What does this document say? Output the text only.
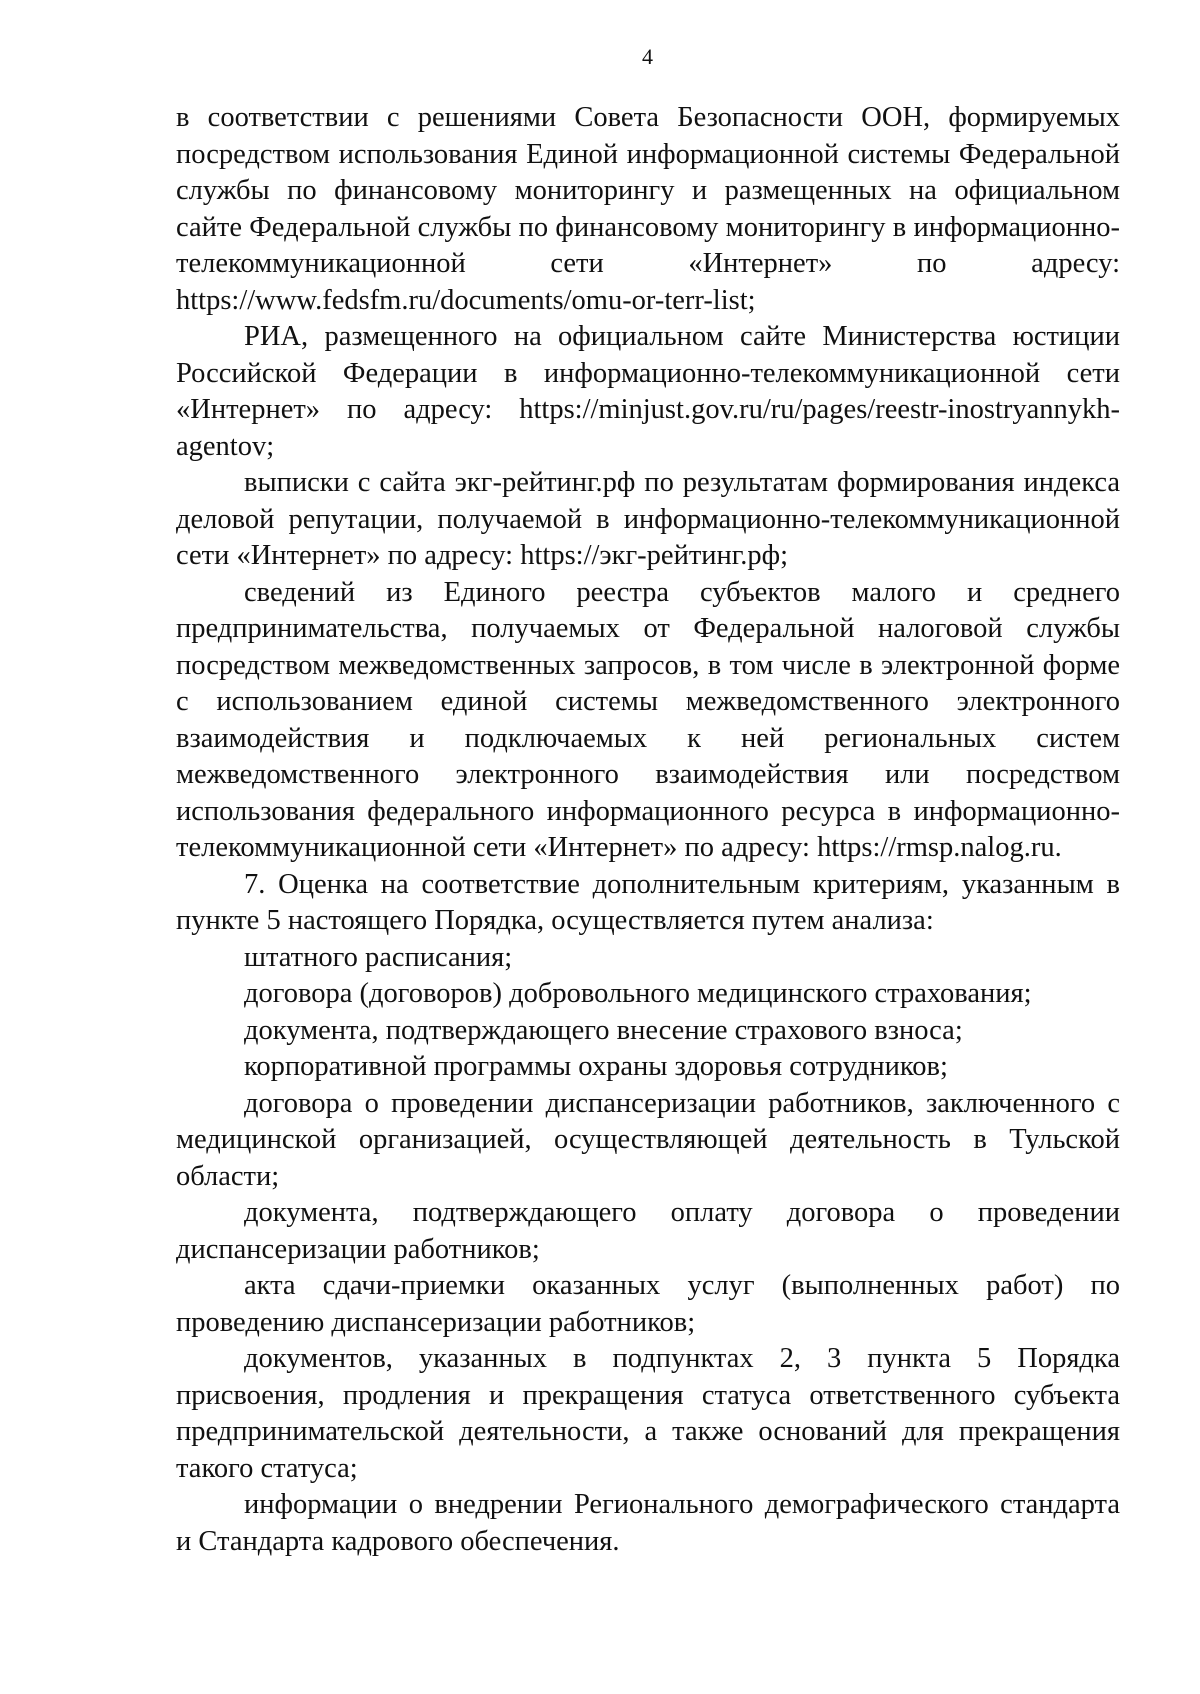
4

в соответствии с решениями Совета Безопасности ООН, формируемых посредством использования Единой информационной системы Федеральной службы по финансовому мониторингу и размещенных на официальном сайте Федеральной службы по финансовому мониторингу в информационно-телекоммуникационной сети «Интернет» по адресу: https://www.fedsfm.ru/documents/omu-or-terr-list;

РИА, размещенного на официальном сайте Министерства юстиции Российской Федерации в информационно-телекоммуникационной сети «Интернет» по адресу: https://minjust.gov.ru/ru/pages/reestr-inostryannykh-agentov;

выписки с сайта экг-рейтинг.рф по результатам формирования индекса деловой репутации, получаемой в информационно-телекоммуникационной сети «Интернет» по адресу: https://экг-рейтинг.рф;

сведений из Единого реестра субъектов малого и среднего предпринимательства, получаемых от Федеральной налоговой службы посредством межведомственных запросов, в том числе в электронной форме с использованием единой системы межведомственного электронного взаимодействия и подключаемых к ней региональных систем межведомственного электронного взаимодействия или посредством использования федерального информационного ресурса в информационно-телекоммуникационной сети «Интернет» по адресу: https://rmsp.nalog.ru.

7. Оценка на соответствие дополнительным критериям, указанным в пункте 5 настоящего Порядка, осуществляется путем анализа:

штатного расписания;

договора (договоров) добровольного медицинского страхования;

документа, подтверждающего внесение страхового взноса;

корпоративной программы охраны здоровья сотрудников;

договора о проведении диспансеризации работников, заключенного с медицинской организацией, осуществляющей деятельность в Тульской области;

документа, подтверждающего оплату договора о проведении диспансеризации работников;

акта сдачи-приемки оказанных услуг (выполненных работ) по проведению диспансеризации работников;

документов, указанных в подпунктах 2, 3 пункта 5 Порядка присвоения, продления и прекращения статуса ответственного субъекта предпринимательской деятельности, а также оснований для прекращения такого статуса;

информации о внедрении Регионального демографического стандарта и Стандарта кадрового обеспечения.
